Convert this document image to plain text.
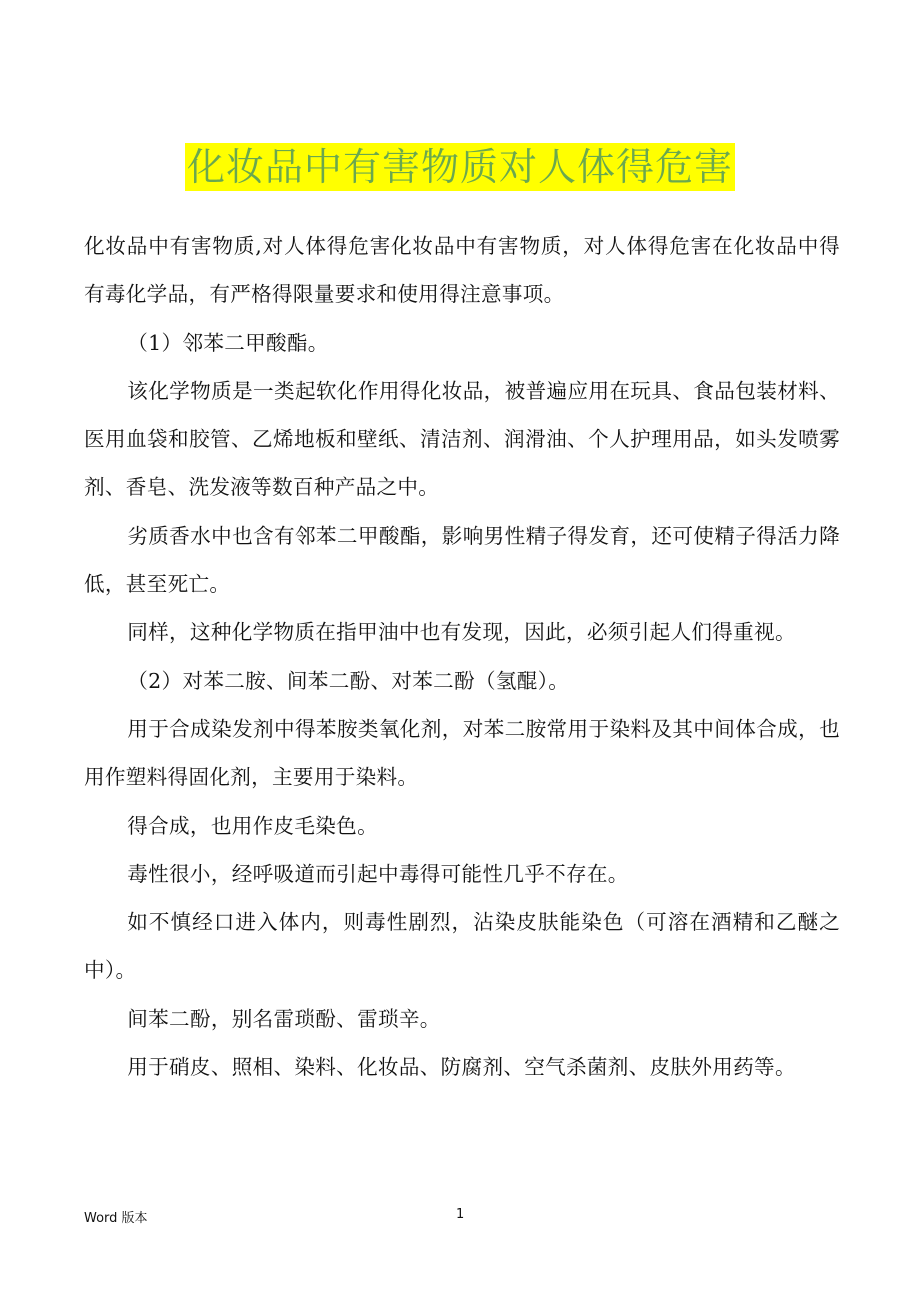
化妆品中有害物质对人体得危害

化妆品中有害物质,对人体得危害化妆品中有害物质，对人体得危害在化妆品中得有毒化学品，有严格得限量要求和使用得注意事项。

（1）邻苯二甲酸酯。

该化学物质是一类起软化作用得化妆品，被普遍应用在玩具、食品包装材料、医用血袋和胶管、乙烯地板和壁纸、清洁剂、润滑油、个人护理用品，如头发喷雾剂、香皂、洗发液等数百种产品之中。

劣质香水中也含有邻苯二甲酸酯，影响男性精子得发育，还可使精子得活力降低，甚至死亡。

同样，这种化学物质在指甲油中也有发现，因此，必须引起人们得重视。

（2）对苯二胺、间苯二酚、对苯二酚（氢醌）。

用于合成染发剂中得苯胺类氧化剂，对苯二胺常用于染料及其中间体合成，也用作塑料得固化剂，主要用于染料。

得合成，也用作皮毛染色。

毒性很小，经呼吸道而引起中毒得可能性几乎不存在。

如不慎经口进入体内，则毒性剧烈，沾染皮肤能染色（可溶在酒精和乙醚之中）。

间苯二酚，别名雷琐酚、雷琐辛。

用于硝皮、照相、染料、化妆品、防腐剂、空气杀菌剂、皮肤外用药等。

Word 版本	1
